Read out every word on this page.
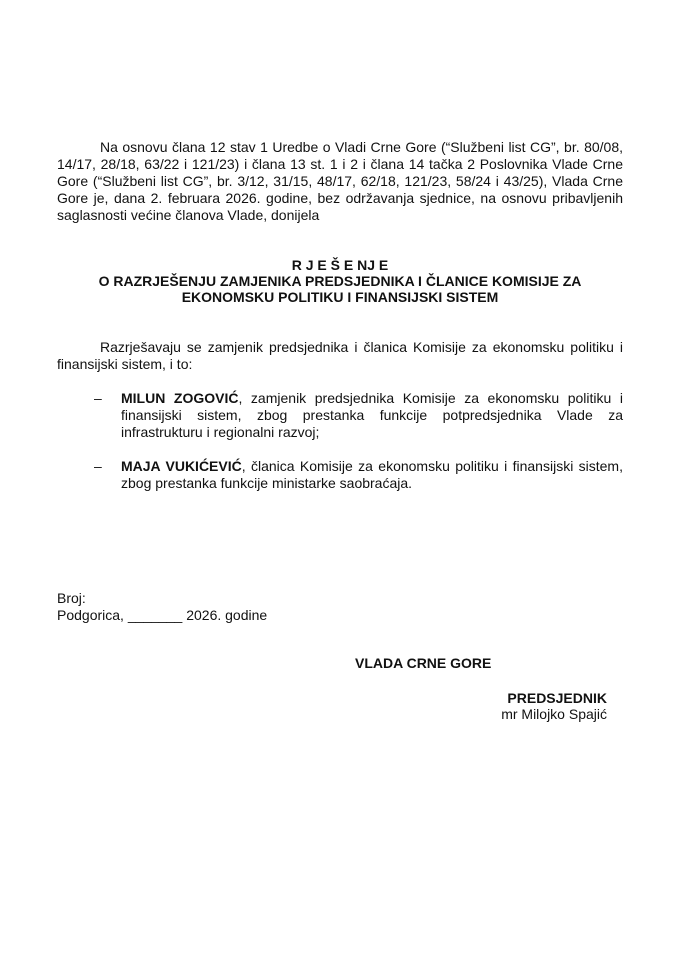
Na osnovu člana 12 stav 1 Uredbe o Vladi Crne Gore (“Službeni list CG”, br. 80/08, 14/17, 28/18, 63/22 i 121/23) i člana 13 st. 1 i 2 i člana 14 tačka 2 Poslovnika Vlade Crne Gore (“Službeni list CG”, br. 3/12, 31/15, 48/17, 62/18, 121/23, 58/24 i 43/25), Vlada Crne Gore je, dana 2. februara 2026. godine, bez održavanja sjednice, na osnovu pribavljenih saglasnosti većine članova Vlade, donijela
R J E Š E NJ E
O RAZRJEŠENJU ZAMJENIKA PREDSJEDNIKA I ČLANICE KOMISIJE ZA
EKONOMSKU POLITIKU I FINANSIJSKI SISTEM
Razrješavaju se zamjenik predsjednika i članica Komisije za ekonomsku politiku i finansijski sistem, i to:
– MILUN ZOGOVIĆ, zamjenik predsjednika Komisije za ekonomsku politiku i finansijski sistem, zbog prestanka funkcije potpredsjednika Vlade za infrastrukturu i regionalni razvoj;
– MAJA VUKIĆEVIĆ, članica Komisije za ekonomsku politiku i finansijski sistem, zbog prestanka funkcije ministarke saobraćaja.
Broj:
Podgorica, _______ 2026. godine
VLADA CRNE GORE
PREDSJEDNIK
mr Milojko Spajić
